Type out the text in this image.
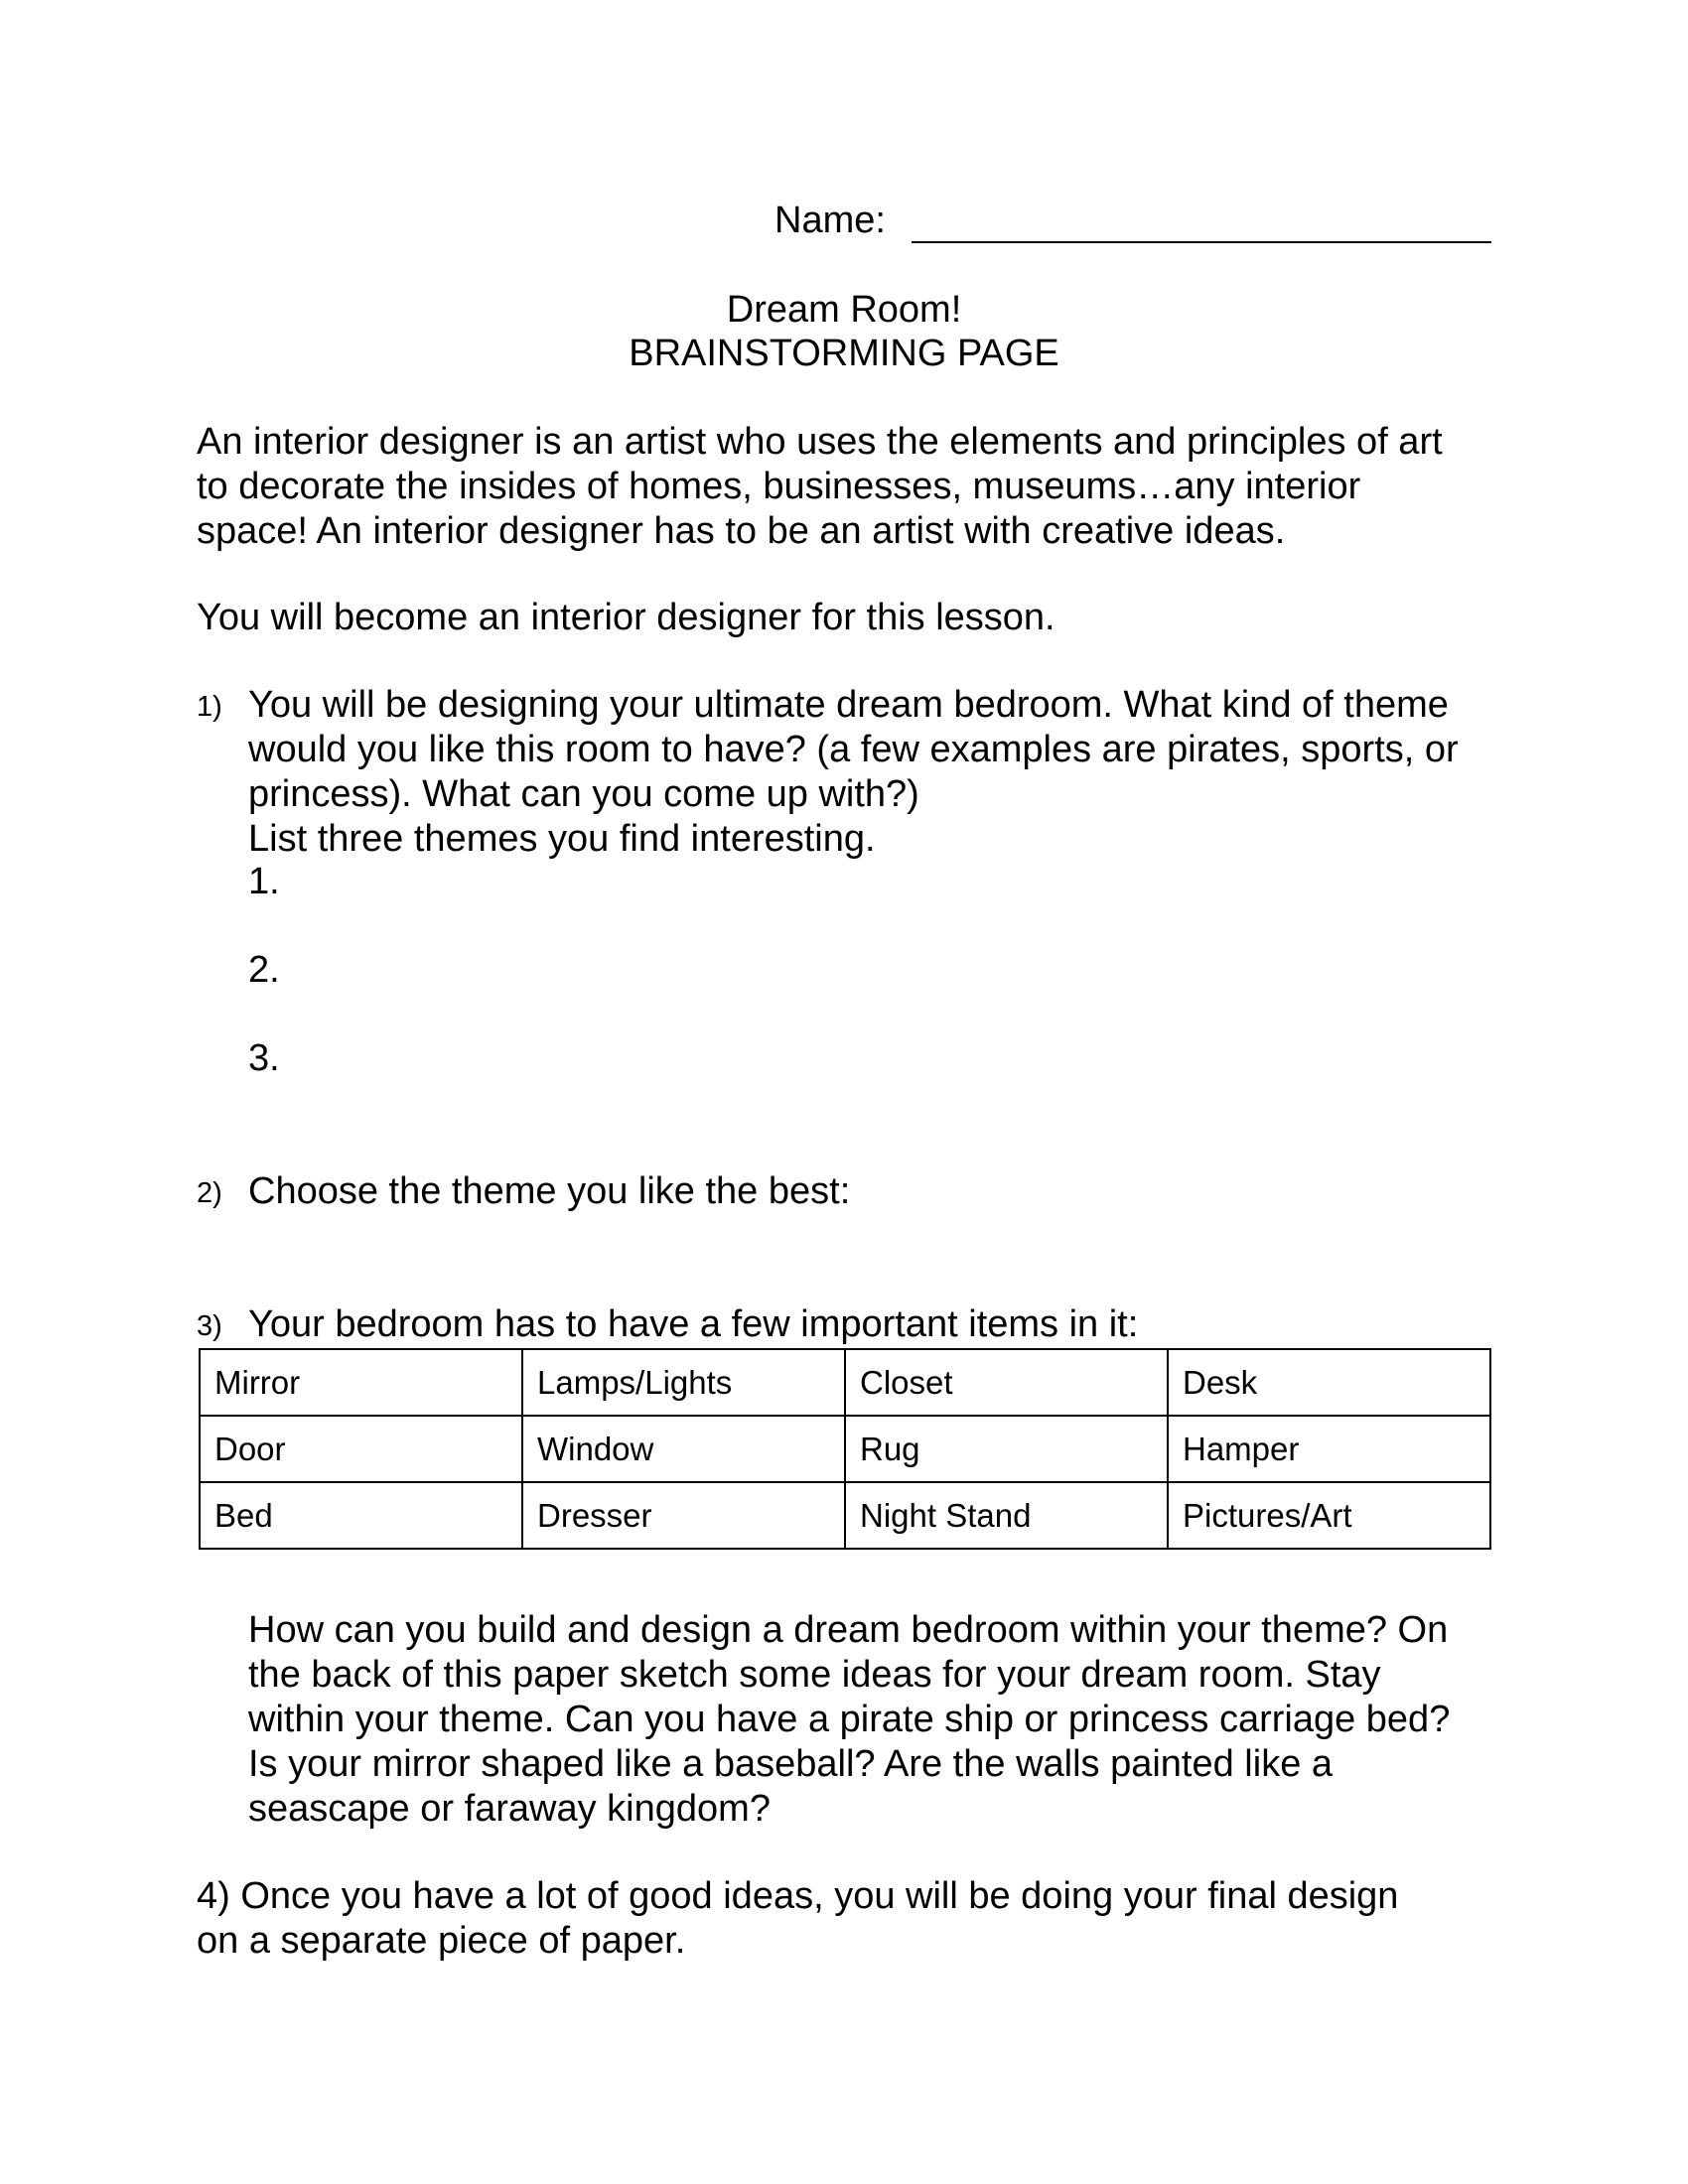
Name:
Dream Room!
BRAINSTORMING PAGE
An interior designer is an artist who uses the elements and principles of art
to decorate the insides of homes, businesses, museums…any interior
space! An interior designer has to be an artist with creative ideas.
You will become an interior designer for this lesson.
1) You will be designing your ultimate dream bedroom. What kind of theme
would you like this room to have? (a few examples are pirates, sports, or
princess). What can you come up with?)
List three themes you find interesting.
1.
2.
3.
2) Choose the theme you like the best:
3) Your bedroom has to have a few important items in it:
Mirror	Lamps/Lights	Closet	Desk
Door	Window	Rug	Hamper
Bed	Dresser	Night Stand	Pictures/Art
How can you build and design a dream bedroom within your theme? On
the back of this paper sketch some ideas for your dream room. Stay
within your theme. Can you have a pirate ship or princess carriage bed?
Is your mirror shaped like a baseball? Are the walls painted like a
seascape or faraway kingdom?
4) Once you have a lot of good ideas, you will be doing your final design
on a separate piece of paper.
